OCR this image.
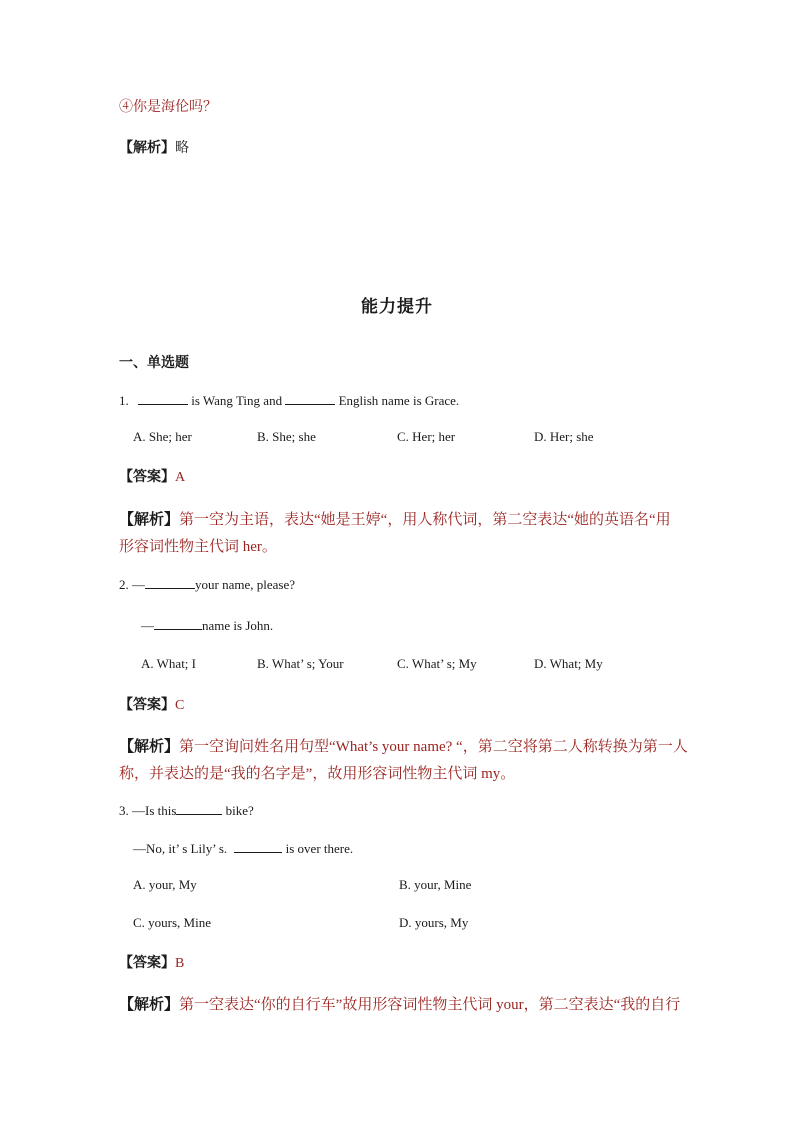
④你是海伦吗？
【解析】略
能力提升
一、单选题
1.	is Wang Ting and	English name is Grace.
A. She; her	B. She; she	C. Her; her	D. Her; she
【答案】A
【解析】第一空为主语，表达“她是王婷“，用人称代词，第二空表达“她的英语名“用
形容词性物主代词 her。
2. —	your name, please?
—	name is John.
A. What; I	B. What’ s; Your	C. What’ s; My	D. What; My
【答案】C
【解析】第一空询问姓名用句型“What’s your name? “，第二空将第二人称转换为第一人
称，并表达的是“我的名字是”，故用形容词性物主代词 my。
3. —Is this	bike?
—No, it’ s Lily’ s.	is over there.
A. your, My	B. your, Mine
C. yours, Mine	D. yours, My
【答案】B
【解析】第一空表达“你的自行车”故用形容词性物主代词 your，第二空表达“我的自行
